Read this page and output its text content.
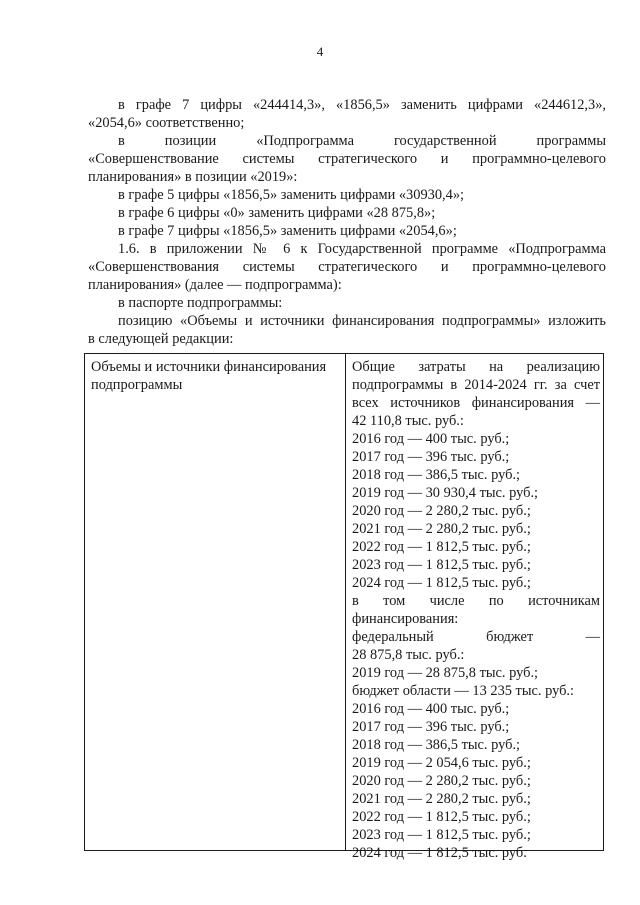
4
в графе 7 цифры «244414,3», «1856,5» заменить цифрами «244612,3»,
«2054,6» соответственно;
в позиции «Подпрограмма государственной программы
«Совершенствование системы стратегического и программно-целевого
планирования» в позиции «2019»:
в графе 5 цифры «1856,5» заменить цифрами «30930,4»;
в графе 6 цифры «0» заменить цифрами «28 875,8»;
в графе 7 цифры «1856,5» заменить цифрами «2054,6»;
1.6. в приложении № 6 к Государственной программе «Подпрограмма
«Совершенствования системы стратегического и программно-целевого
планирования» (далее — подпрограмма):
в паспорте подпрограммы:
позицию «Объемы и источники финансирования подпрограммы» изложить
в следующей редакции:
Объемы и источники финансирования подпрограммы
Общие затраты на реализацию
подпрограммы в 2014-2024 гг. за счет
всех источников финансирования —
42 110,8 тыс. руб.:
2016 год — 400 тыс. руб.;
2017 год — 396 тыс. руб.;
2018 год — 386,5 тыс. руб.;
2019 год — 30 930,4 тыс. руб.;
2020 год — 2 280,2 тыс. руб.;
2021 год — 2 280,2 тыс. руб.;
2022 год — 1 812,5 тыс. руб.;
2023 год — 1 812,5 тыс. руб.;
2024 год — 1 812,5 тыс. руб.;
в том числе по источникам
финансирования:
федеральный бюджет —
28 875,8 тыс. руб.:
2019 год — 28 875,8 тыс. руб.;
бюджет области — 13 235 тыс. руб.:
2016 год — 400 тыс. руб.;
2017 год — 396 тыс. руб.;
2018 год — 386,5 тыс. руб.;
2019 год — 2 054,6 тыс. руб.;
2020 год — 2 280,2 тыс. руб.;
2021 год — 2 280,2 тыс. руб.;
2022 год — 1 812,5 тыс. руб.;
2023 год — 1 812,5 тыс. руб.;
2024 год — 1 812,5 тыс. руб.
